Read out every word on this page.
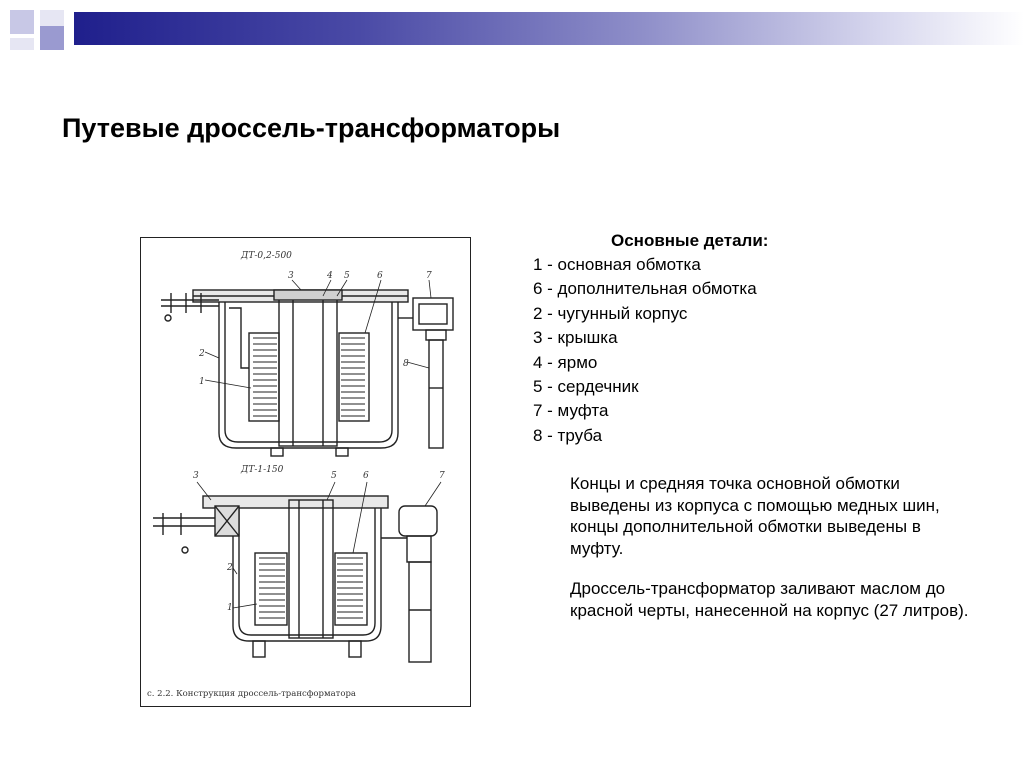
Путевые дроссель-трансформаторы
ДТ-0,2-500
3	4 5	6	7
2
1
8
ДТ-1-150
3	5	6	7
2
1
с. 2.2. Конструкция дроссель-трансформатора
Основные детали:
1 - основная обмотка
6 - дополнительная обмотка
2 - чугунный корпус
3 - крышка
4 - ярмо
5 - сердечник
7 - муфта
8 - труба

Концы и средняя точка основной обмотки выведены из корпуса с помощью медных шин, концы дополнительной обмотки выведены в муфту.

Дроссель-трансформатор заливают маслом до красной черты, нанесенной на корпус (27 литров).
